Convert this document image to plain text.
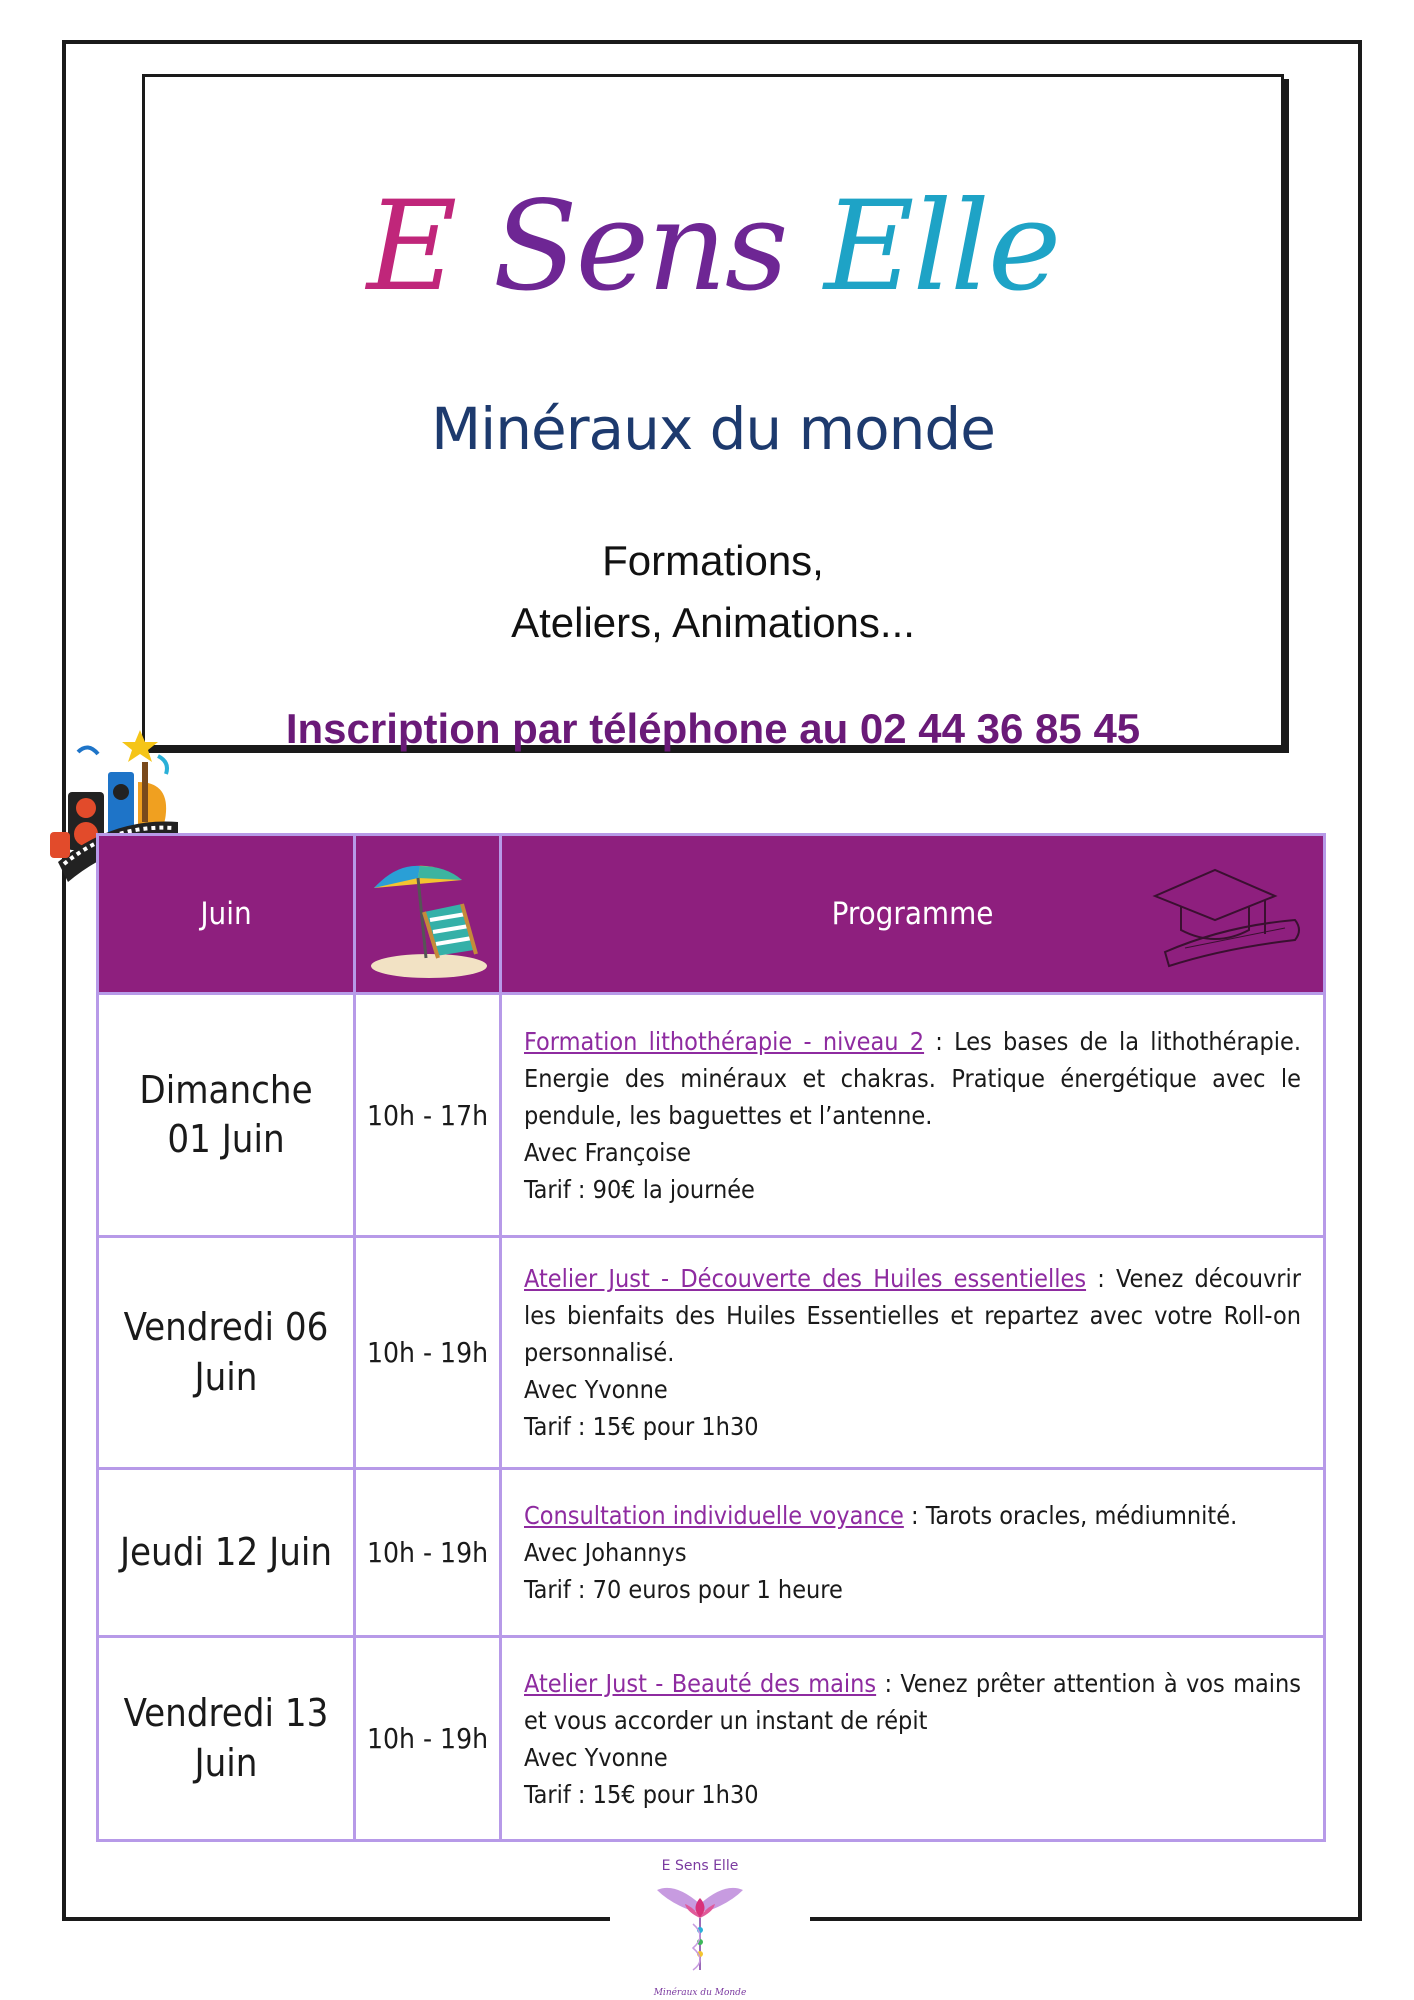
E Sens Elle
Minéraux du monde
Formations,
Ateliers, Animations...
Inscription par téléphone au 02 44 36 85 45
Juin		Programme

Dimanche 01 Juin	10h - 17h	Formation lithothérapie - niveau 2 : Les bases de la lithothérapie. Energie des minéraux et chakras. Pratique énergétique avec le pendule, les baguettes et l’antenne.
Avec Françoise
Tarif : 90€ la journée
Vendredi 06 Juin	10h - 19h	Atelier Just - Découverte des Huiles essentielles : Venez découvrir les bienfaits des Huiles Essentielles et repartez avec votre Roll-on personnalisé.
Avec Yvonne
Tarif : 15€ pour 1h30
Jeudi 12 Juin	10h - 19h	Consultation individuelle voyance : Tarots oracles, médiumnité.
Avec Johannys
Tarif : 70 euros pour 1 heure
Vendredi 13 Juin	10h - 19h	Atelier Just - Beauté des mains : Venez prêter attention à vos mains et vous accorder un instant de répit
Avec Yvonne
Tarif : 15€ pour 1h30
E Sens Elle
Minéraux du Monde
